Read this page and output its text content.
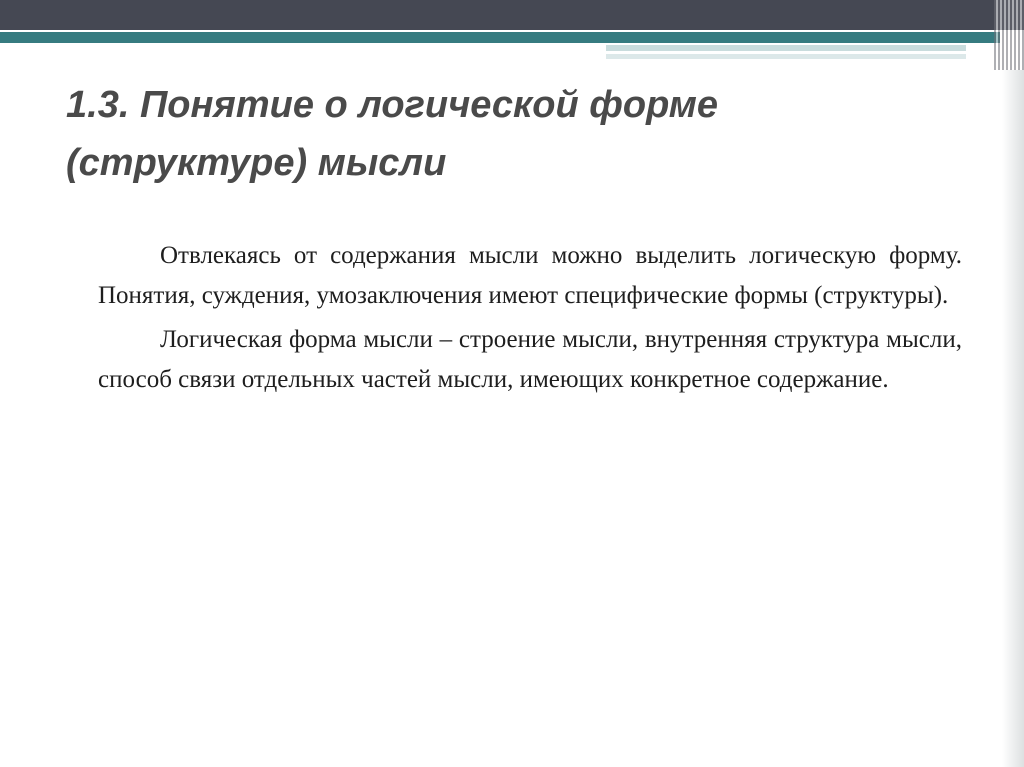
1.3. Понятие о логической форме (структуре) мысли

Отвлекаясь от содержания мысли можно выделить логическую форму. Понятия, суждения, умозаключения имеют специфические формы (структуры).

Логическая форма мысли – строение мысли, внутренняя структура мысли, способ связи отдельных частей мысли, имеющих конкретное содержание.
